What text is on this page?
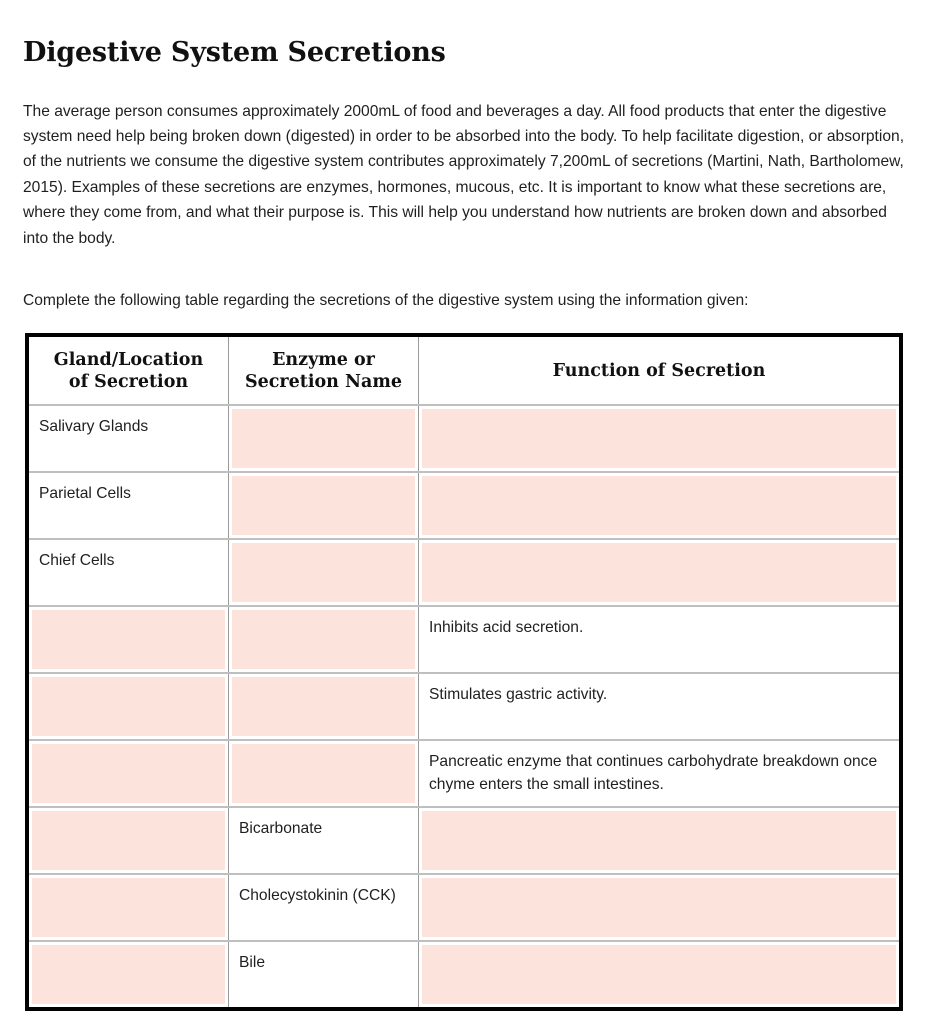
Digestive System Secretions

The average person consumes approximately 2000mL of food and beverages a day. All food products that enter the digestive system need help being broken down (digested) in order to be absorbed into the body. To help facilitate digestion, or absorption, of the nutrients we consume the digestive system contributes approximately 7,200mL of secretions (Martini, Nath, Bartholomew, 2015). Examples of these secretions are enzymes, hormones, mucous, etc. It is important to know what these secretions are, where they come from, and what their purpose is. This will help you understand how nutrients are broken down and absorbed into the body.

Complete the following table regarding the secretions of the digestive system using the information given:

Gland/Location
of Secretion
Enzyme or
Secretion Name
Function of Secretion
Salivary Glands
Parietal Cells
Chief Cells
Inhibits acid secretion.
Stimulates gastric activity.
Pancreatic enzyme that continues carbohydrate breakdown once chyme enters the small intestines.
Bicarbonate
Cholecystokinin (CCK)
Bile
